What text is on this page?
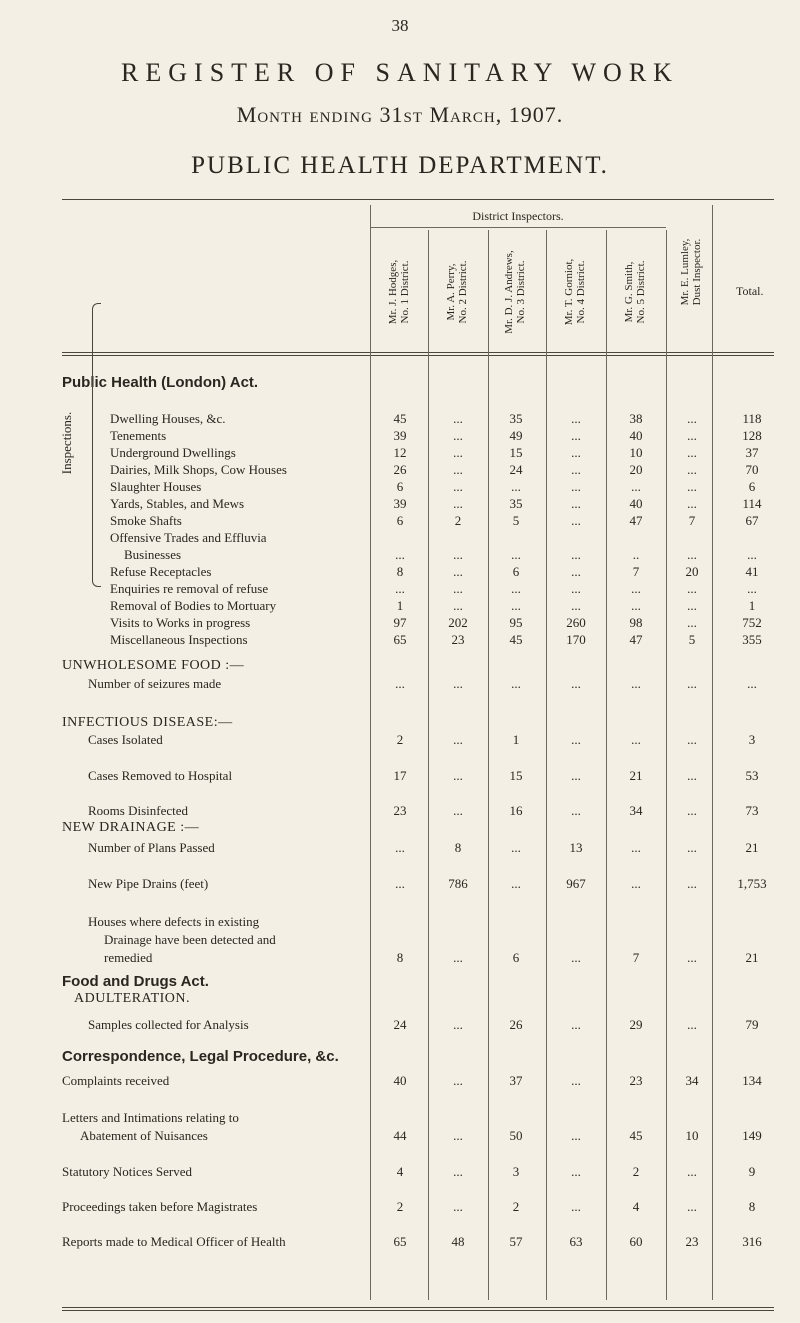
38
REGISTER OF SANITARY WORK
Month ending 31st March, 1907.
PUBLIC HEALTH DEPARTMENT.
District Inspectors.
Mr. J. Hodges, No. 1 District.	Mr. A. Perry, No. 2 District.	Mr. D. J. Andrews, No. 3 District.	Mr. T. Gorniot, No. 4 District.	Mr. G. Smith, No. 5 District.	Mr. E. Lumley, Dust Inspector.	Total.
Public Health (London) Act.
UNWHOLESOME FOOD :—
INFECTIOUS DISEASE:—
NEW DRAINAGE :—
Food and Drugs Act.
ADULTERATION.
Correspondence, Legal Procedure, &c.
Inspections.	Dwelling Houses, &c.	45	...	35	...	38	...	118
Tenements	39	...	49	...	40	...	128
Underground Dwellings	12	...	15	...	10	...	37
Dairies, Milk Shops, Cow Houses	26	...	24	...	20	...	70
Slaughter Houses	6	...	...	...	...	...	6
Yards, Stables, and Mews	39	...	35	...	40	...	114
Smoke Shafts	6	2	5	...	47	7	67
Offensive Trades and Effluvia
Businesses	...	...	...	...	..	...	...
Refuse Receptacles	8	...	6	...	7	20	41
Enquiries re removal of refuse	...	...	...	...	...	...	...
Removal of Bodies to Mortuary	1	...	...	...	...	...	1
Visits to Works in progress	97	202	95	260	98	...	752
Miscellaneous Inspections	65	23	45	170	47	5	355
Number of seizures made	...	...	...	...	...	...	...
Cases Isolated	2	...	1	...	...	...	3
Cases Removed to Hospital	17	...	15	...	21	...	53
Rooms Disinfected	23	...	16	...	34	...	73
Number of Plans Passed	...	8	...	13	...	...	21
New Pipe Drains (feet)	...	786	...	967	...	...	1,753
Houses where defects in existing
Drainage have been detected and
remedied	8	...	6	...	7	...	21
Samples collected for Analysis	24	...	26	...	29	...	79
Complaints received	40	...	37	...	23	34	134
Letters and Intimations relating to
Abatement of Nuisances	44	...	50	...	45	10	149
Statutory Notices Served	4	...	3	...	2	...	9
Proceedings taken before Magistrates	2	...	2	...	4	...	8
Reports made to Medical Officer of Health	65	48	57	63	60	23	316
